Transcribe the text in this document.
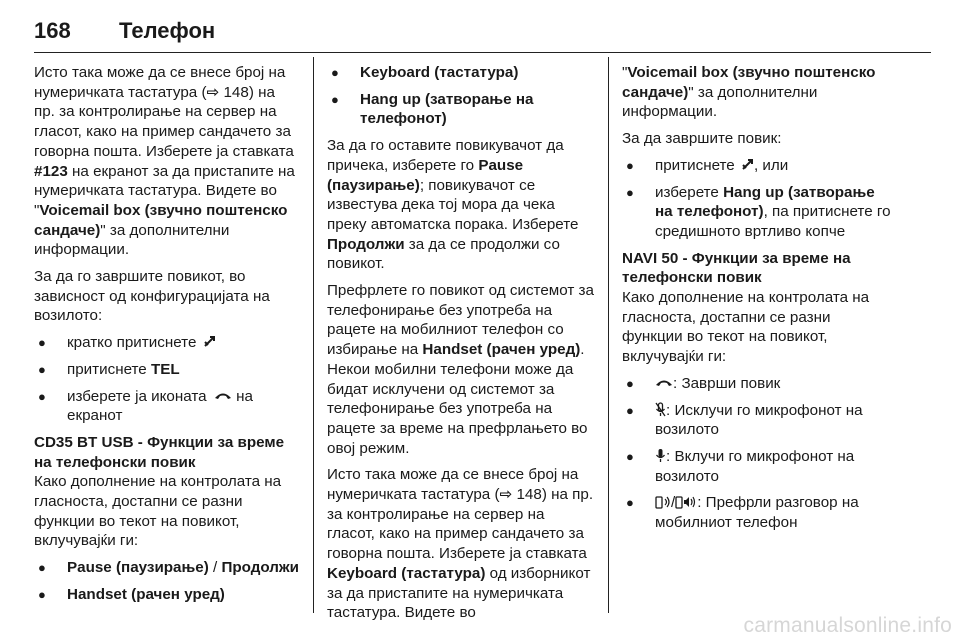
168 Телефон

Исто така може да се внесе број на нумеричката тастатура (⇨ 148) на пр. за контролирање на сервер на гласот, како на пример сандачето за говорна пошта. Изберете ја ставката #123 на екранот за да пристапите на нумеричката тастатура. Видете во "Voicemail box (звучно поштенско сандаче)" за дополнителни информации.

За да го завршите повикот, во зависност од конфигурацијата на возилото:

● кратко притиснете
● притиснете TEL
● изберете ја иконата  на екранот
CD35 BT USB - Функции за време на телефонски повик

Како дополнение на контролата на гласноста, достапни се разни функции во текот на повикот, вклучувајќи ги:

● Pause (паузирање) / Продолжи
● Handset (рачен уред)
● Keyboard (тастатура)
● Hang up (затворање на телефонот)

За да го оставите повикувачот да причека, изберете го Pause (паузирање); повикувачот се известува дека тој мора да чека преку автоматска порака. Изберете Продолжи за да се продолжи со повикот.

Префрлете го повикот од системот за телефонирање без употреба на рацете на мобилниот телефон со избирање на Handset (рачен уред). Некои мобилни телефони може да бидат исклучени од системот за телефонирање без употреба на рацете за време на префрлањето во овој режим.

Исто така може да се внесе број на нумеричката тастатура (⇨ 148) на пр. за контролирање на сервер на гласот, како на пример сандачето за говорна пошта. Изберете ја ставката Keyboard (тастатура) од изборникот за да пристапите на нумеричката тастатура. Видете во

"Voicemail box (звучно поштенско сандаче)" за дополнителни информации.

За да завршите повик:

● притиснете , или
● изберете Hang up (затворање на телефонот), па притиснете го средишното вртливо копче
NAVI 50 - Функции за време на телефонски повик

Како дополнение на контролата на гласноста, достапни се разни функции во текот на повикот, вклучувајќи ги:

● : Заврши повик
● : Исклучи го микрофонот на возилото
● : Вклучи го микрофонот на возилото
● / : Префрли разговор на мобилниот телефон
carmanualsonline.info
